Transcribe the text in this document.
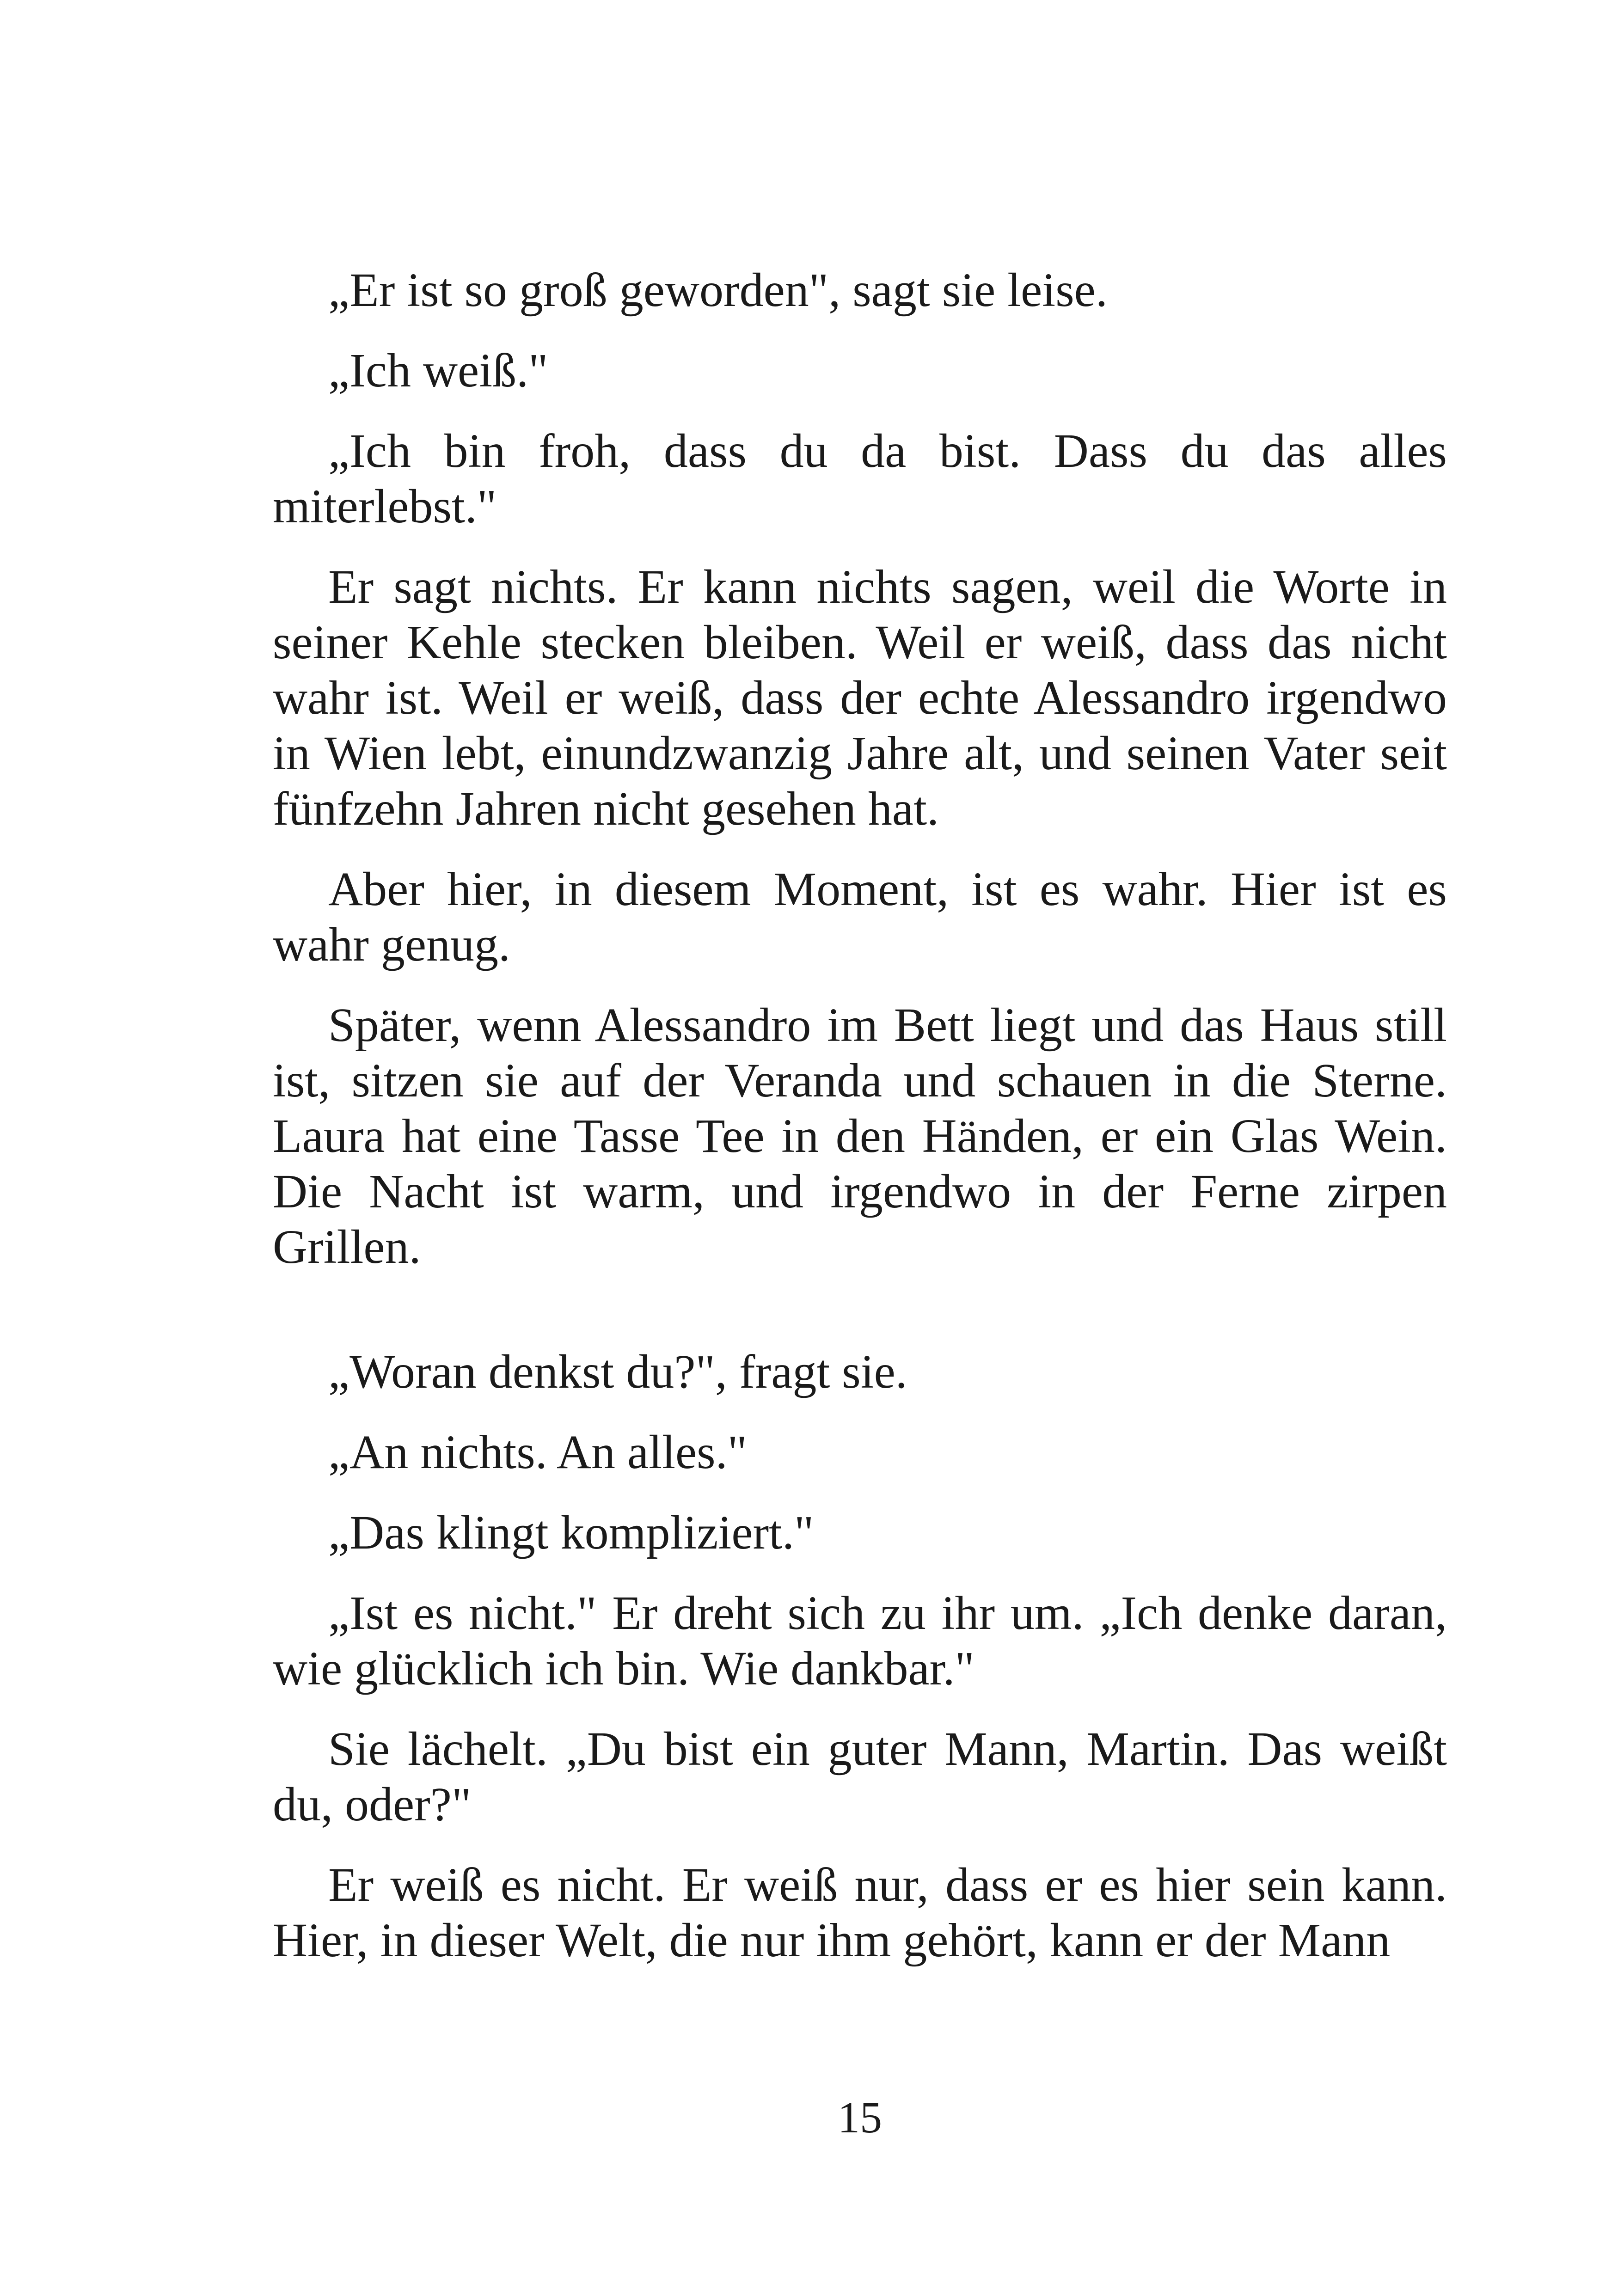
„Er ist so groß geworden", sagt sie leise.

„Ich weiß."

„Ich bin froh, dass du da bist. Dass du das alles miterlebst."

Er sagt nichts. Er kann nichts sagen, weil die Worte in seiner Kehle stecken bleiben. Weil er weiß, dass das nicht wahr ist. Weil er weiß, dass der echte Alessandro irgendwo in Wien lebt, einundzwanzig Jahre alt, und seinen Vater seit fünfzehn Jahren nicht gesehen hat.

Aber hier, in diesem Moment, ist es wahr. Hier ist es wahr genug.

Später, wenn Alessandro im Bett liegt und das Haus still ist, sitzen sie auf der Veranda und schauen in die Sterne. Laura hat eine Tasse Tee in den Händen, er ein Glas Wein. Die Nacht ist warm, und irgendwo in der Ferne zirpen Grillen.

„Woran denkst du?", fragt sie.

„An nichts. An alles."

„Das klingt kompliziert."

„Ist es nicht." Er dreht sich zu ihr um. „Ich denke daran, wie glücklich ich bin. Wie dankbar."

Sie lächelt. „Du bist ein guter Mann, Martin. Das weißt du, oder?"

Er weiß es nicht. Er weiß nur, dass er es hier sein kann. Hier, in dieser Welt, die nur ihm gehört, kann er der Mann

15
